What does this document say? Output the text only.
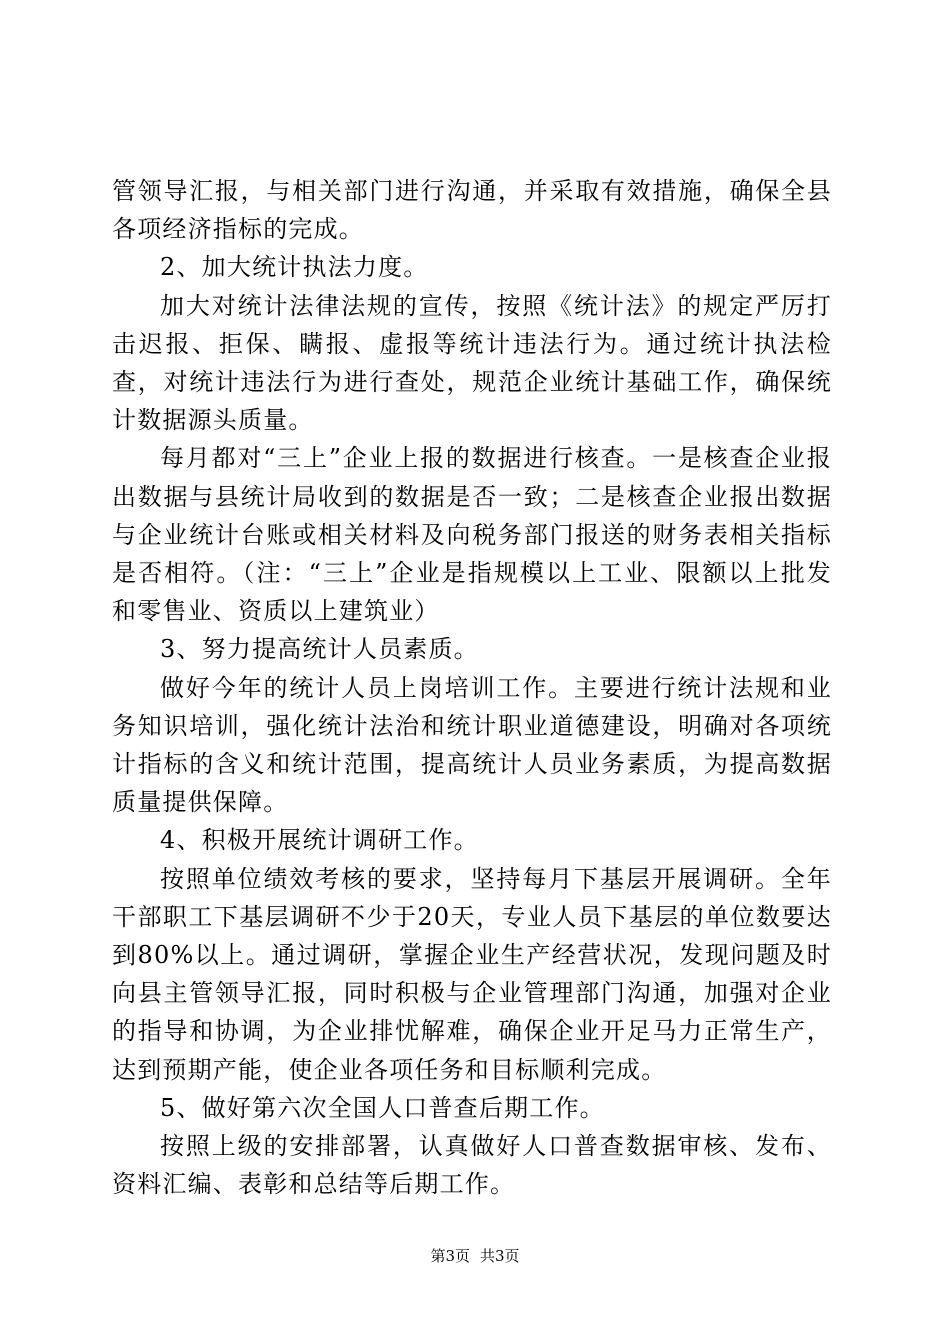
管领导汇报，与相关部门进行沟通，并采取有效措施，确保全县各项经济指标的完成。

2、加大统计执法力度。

加大对统计法律法规的宣传，按照《统计法》的规定严厉打击迟报、拒保、瞒报、虚报等统计违法行为。通过统计执法检查，对统计违法行为进行查处，规范企业统计基础工作，确保统计数据源头质量。

每月都对“三上”企业上报的数据进行核查。一是核查企业报出数据与县统计局收到的数据是否一致；二是核查企业报出数据与企业统计台账或相关材料及向税务部门报送的财务表相关指标是否相符。（注：“三上”企业是指规模以上工业、限额以上批发和零售业、资质以上建筑业）

3、努力提高统计人员素质。

做好今年的统计人员上岗培训工作。主要进行统计法规和业务知识培训，强化统计法治和统计职业道德建设，明确对各项统计指标的含义和统计范围，提高统计人员业务素质，为提高数据质量提供保障。

4、积极开展统计调研工作。

按照单位绩效考核的要求，坚持每月下基层开展调研。全年干部职工下基层调研不少于20天，专业人员下基层的单位数要达到80%以上。通过调研，掌握企业生产经营状况，发现问题及时向县主管领导汇报，同时积极与企业管理部门沟通，加强对企业的指导和协调，为企业排忧解难，确保企业开足马力正常生产，达到预期产能，使企业各项任务和目标顺利完成。

5、做好第六次全国人口普查后期工作。

按照上级的安排部署，认真做好人口普查数据审核、发布、资料汇编、表彰和总结等后期工作。

第3页 共3页
